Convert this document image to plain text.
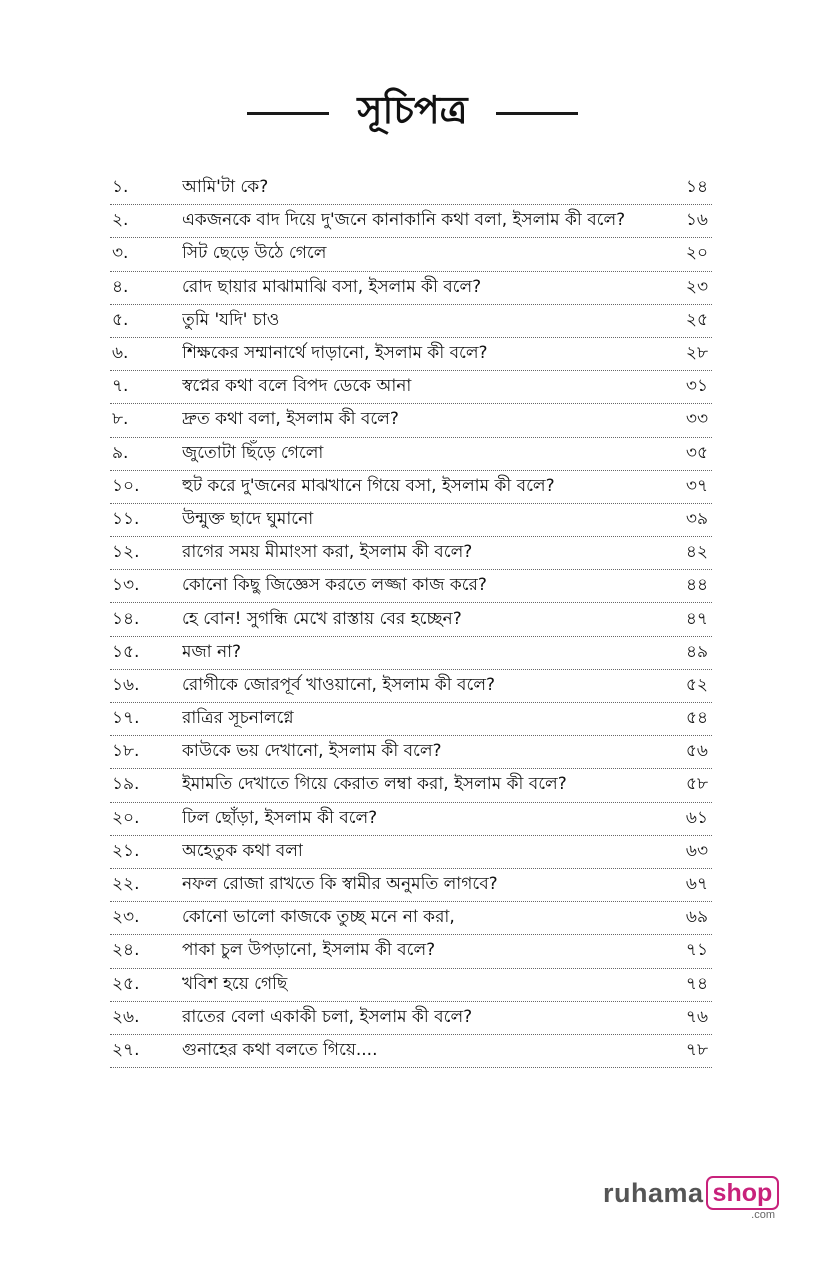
সূচিপত্র
১.	আমি'টা কে?	১৪
২.	একজনকে বাদ দিয়ে দু'জনে কানাকানি কথা বলা, ইসলাম কী বলে?	১৬
৩.	সিট ছেড়ে উঠে গেলে	২০
৪.	রোদ ছায়ার মাঝামাঝি বসা, ইসলাম কী বলে?	২৩
৫.	তুমি 'যদি' চাও	২৫
৬.	শিক্ষকের সম্মানার্থে দাড়ানো, ইসলাম কী বলে?	২৮
৭.	স্বপ্নের কথা বলে বিপদ ডেকে আনা	৩১
৮.	দ্রুত কথা বলা, ইসলাম কী বলে?	৩৩
৯.	জুতোটা ছিঁড়ে গেলো	৩৫
১০.	হুট করে দু'জনের মাঝখানে গিয়ে বসা, ইসলাম কী বলে?	৩৭
১১.	উন্মুক্ত ছাদে ঘুমানো	৩৯
১২.	রাগের সময় মীমাংসা করা, ইসলাম কী বলে?	৪২
১৩.	কোনো কিছু জিজ্ঞেস করতে লজ্জা কাজ করে?	৪৪
১৪.	হে বোন! সুগন্ধি মেখে রাস্তায় বের হচ্ছেন?	৪৭
১৫.	মজা না?	৪৯
১৬.	রোগীকে জোরপূর্ব খাওয়ানো, ইসলাম কী বলে?	৫২
১৭.	রাত্রির সূচনালগ্নে	৫৪
১৮.	কাউকে ভয় দেখানো, ইসলাম কী বলে?	৫৬
১৯.	ইমামতি দেখাতে গিয়ে কেরাত লম্বা করা, ইসলাম কী বলে?	৫৮
২০.	ঢিল ছোঁড়া, ইসলাম কী বলে?	৬১
২১.	অহেতুক কথা বলা	৬৩
২২.	নফল রোজা রাখতে কি স্বামীর অনুমতি লাগবে?	৬৭
২৩.	কোনো ভালো কাজকে তুচ্ছ মনে না করা,	৬৯
২৪.	পাকা চুল উপড়ানো, ইসলাম কী বলে?	৭১
২৫.	খবিশ হয়ে গেছি	৭৪
২৬.	রাতের বেলা একাকী চলা, ইসলাম কী বলে?	৭৬
২৭.	গুনাহের কথা বলতে গিয়ে....	৭৮
ruhama shop
.com
